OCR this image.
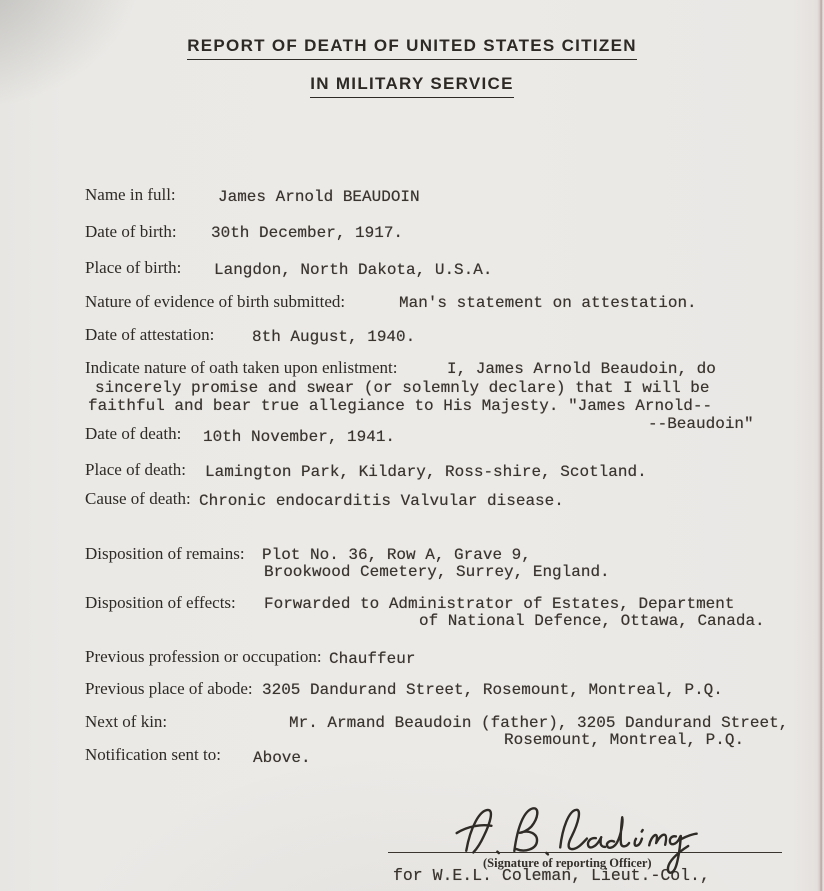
REPORT OF DEATH OF UNITED STATES CITIZEN
IN MILITARY SERVICE
Name in full:	James Arnold BEAUDOIN
Date of birth: 30th December, 1917.
Place of birth: Langdon, North Dakota, U.S.A.
Nature of evidence of birth submitted:	Man's statement on attestation.
Date of attestation: 8th August, 1940.
Indicate nature of oath taken upon enlistment:	I, James Arnold Beaudoin, do
sincerely promise and swear (or solemnly declare) that I will be
faithful and bear true allegiance to His Majesty. "James Arnold--
--Beaudoin"
Date of death: 10th November, 1941.
Place of death: Lamington Park, Kildary, Ross-shire, Scotland.
Cause of death: Chronic endocarditis Valvular disease.
Disposition of remains: Plot No. 36, Row A, Grave 9,
Brookwood Cemetery, Surrey, England.
Disposition of effects: Forwarded to Administrator of Estates, Department
of National Defence, Ottawa, Canada.
Previous profession or occupation: Chauffeur
Previous place of abode: 3205 Dandurand Street, Rosemount, Montreal, P.Q.
Next of kin:	Mr. Armand Beaudoin (father), 3205 Dandurand Street,
Rosemount, Montreal, P.Q.
Notification sent to: Above.
(Signature of reporting Officer)
for W.E.L. Coleman, Lieut.-Col.,
